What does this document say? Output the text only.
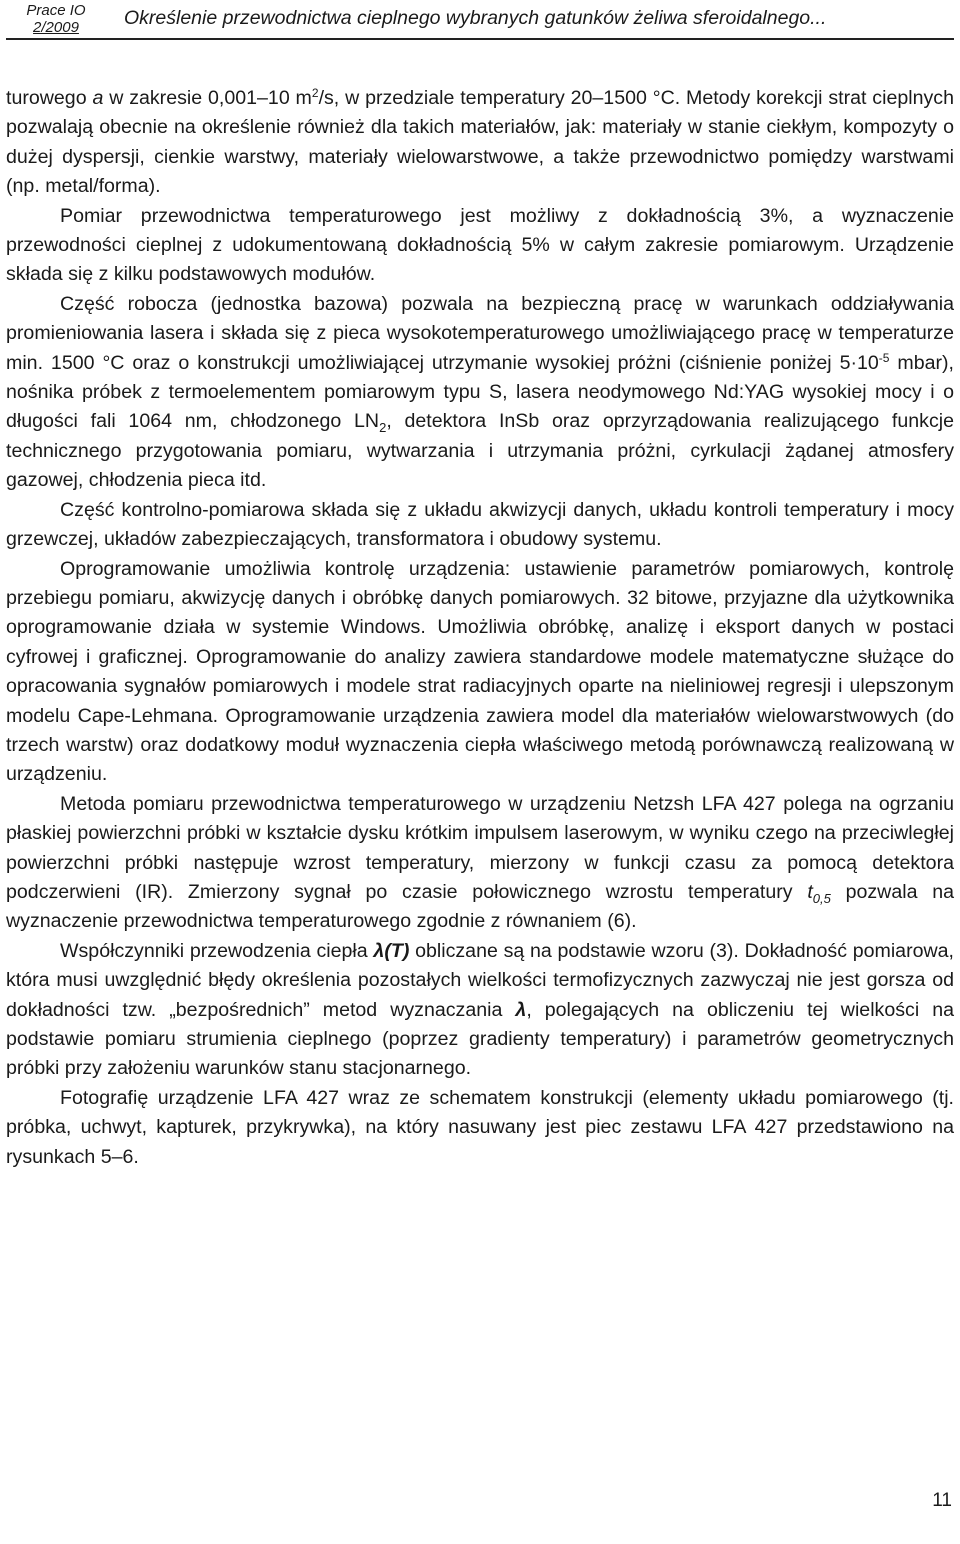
Prace IO
2/2009	Określenie przewodnictwa cieplnego wybranych gatunków żeliwa sferoidalnego...

turowego a w zakresie 0,001–10 $m^2/s$, w przedziale temperatury 20–1500 °C. Metody korekcji strat cieplnych pozwalają obecnie na określenie również dla takich materiałów, jak: materiały w stanie ciekłym, kompozyty o dużej dyspersji, cienkie warstwy, materiały wielowarstwowe, a także przewodnictwo pomiędzy warstwami (np. metal/forma).

Pomiar przewodnictwa temperaturowego jest możliwy z dokładnością 3%, a wyznaczenie przewodności cieplnej z udokumentowaną dokładnością 5% w całym zakresie pomiarowym. Urządzenie składa się z kilku podstawowych modułów.

Część robocza (jednostka bazowa) pozwala na bezpieczną pracę w warunkach oddziaływania promieniowania lasera i składa się z pieca wysokotemperaturowego umożliwiającego pracę w temperaturze min. 1500 °C oraz o konstrukcji umożliwiającej utrzymanie wysokiej próżni (ciśnienie poniżej $5\cdot 10^{-5}$ mbar), nośnika próbek z termoelementem pomiarowym typu S, lasera neodymowego Nd:YAG wysokiej mocy i o długości fali 1064 nm, chłodzonego $LN_2$, detektora InSb oraz oprzyrządowania realizującego funkcje technicznego przygotowania pomiaru, wytwarzania i utrzymania próżni, cyrkulacji żądanej atmosfery gazowej, chłodzenia pieca itd.

Część kontrolno-pomiarowa składa się z układu akwizycji danych, układu kontroli temperatury i mocy grzewczej, układów zabezpieczających, transformatora i obudowy systemu.

Oprogramowanie umożliwia kontrolę urządzenia: ustawienie parametrów pomiarowych, kontrolę przebiegu pomiaru, akwizycję danych i obróbkę danych pomiarowych. 32 bitowe, przyjazne dla użytkownika oprogramowanie działa w systemie Windows. Umożliwia obróbkę, analizę i eksport danych w postaci cyfrowej i graficznej. Oprogramowanie do analizy zawiera standardowe modele matematyczne służące do opracowania sygnałów pomiarowych i modele strat radiacyjnych oparte na nieliniowej regresji i ulepszonym modelu Cape-Lehmana. Oprogramowanie urządzenia zawiera model dla materiałów wielowarstwowych (do trzech warstw) oraz dodatkowy moduł wyznaczenia ciepła właściwego metodą porównawczą realizowaną w urządzeniu.

Metoda pomiaru przewodnictwa temperaturowego w urządzeniu Netzsh LFA 427 polega na ogrzaniu płaskiej powierzchni próbki w kształcie dysku krótkim impulsem laserowym, w wyniku czego na przeciwległej powierzchni próbki następuje wzrost temperatury, mierzony w funkcji czasu za pomocą detektora podczerwieni (IR). Zmierzony sygnał po czasie połowicznego wzrostu temperatury $t_{0,5}$ pozwala na wyznaczenie przewodnictwa temperaturowego zgodnie z równaniem (6).

Współczynniki przewodzenia ciepła λ(T) obliczane są na podstawie wzoru (3). Dokładność pomiarowa, która musi uwzględnić błędy określenia pozostałych wielkości termofizycznych zazwyczaj nie jest gorsza od dokładności tzw. „bezpośrednich” metod wyznaczania λ, polegających na obliczeniu tej wielkości na podstawie pomiaru strumienia cieplnego (poprzez gradienty temperatury) i parametrów geometrycznych próbki przy założeniu warunków stanu stacjonarnego.

Fotografię urządzenie LFA 427 wraz ze schematem konstrukcji (elementy układu pomiarowego (tj. próbka, uchwyt, kapturek, przykrywka), na który nasuwany jest piec zestawu LFA 427 przedstawiono na rysunkach 5–6.

11
